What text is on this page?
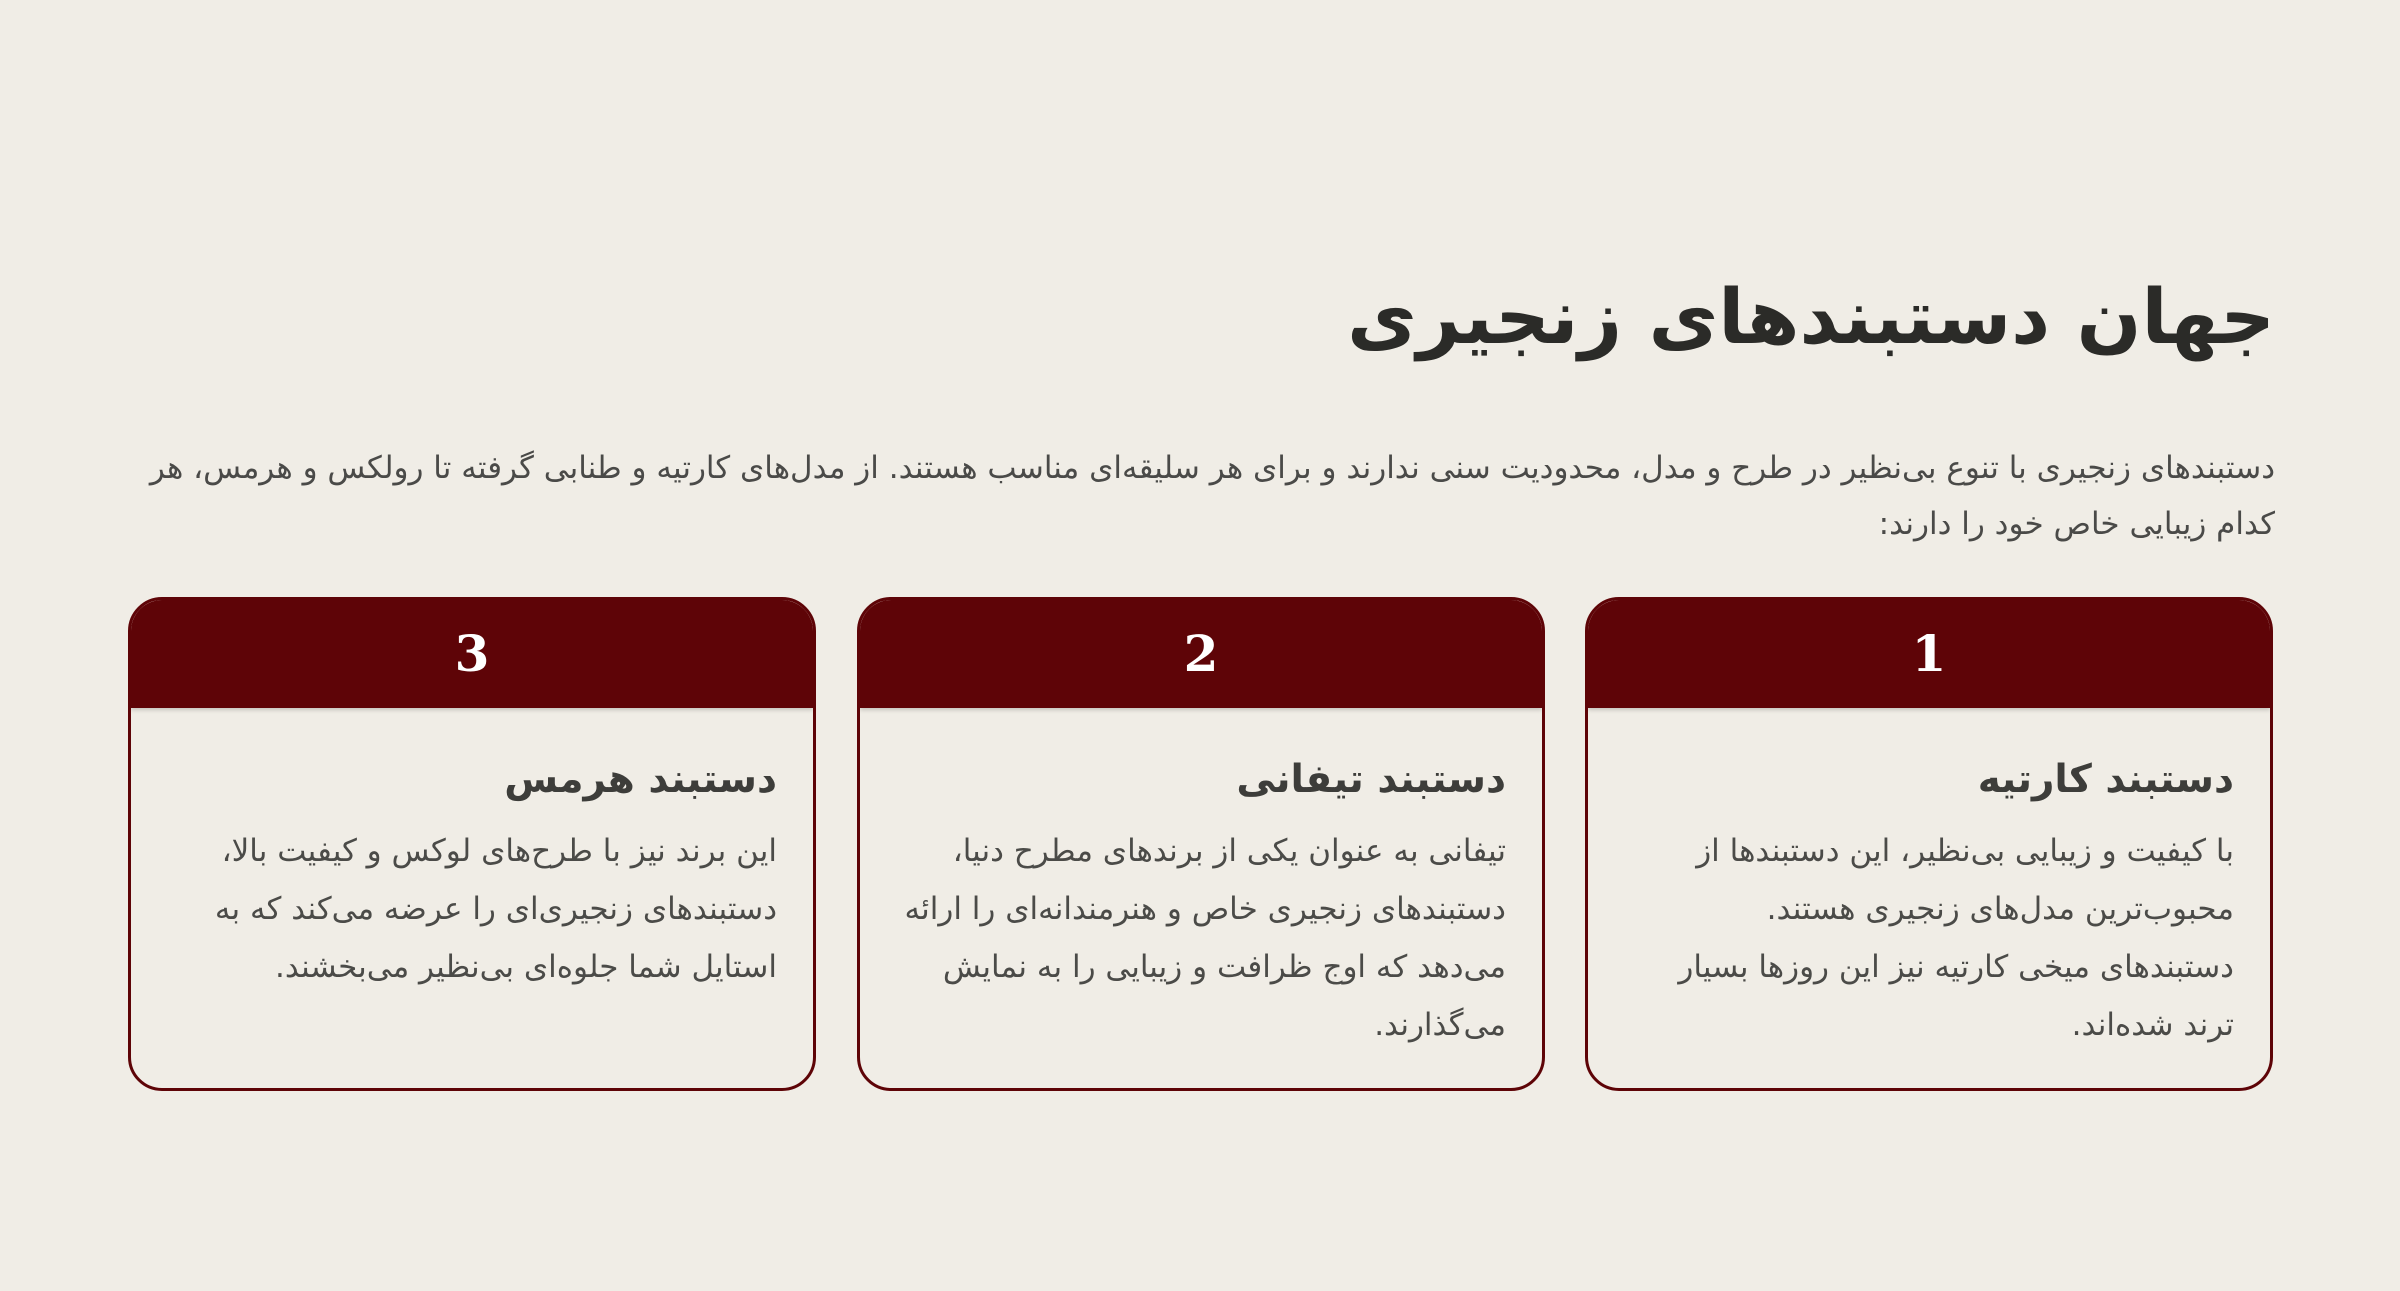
جهان دستبندهای زنجیری

دستبندهای زنجیری با تنوع بی‌نظیر در طرح و مدل، محدودیت سنی ندارند و برای هر سلیقه‌ای مناسب هستند. از مدل‌های کارتیه و طنابی گرفته تا رولکس و هرمس، هر کدام زیبایی خاص خود را دارند:

1
دستبند کارتیه

با کیفیت و زیبایی بی‌نظیر، این دستبندها از محبوب‌ترین مدل‌های زنجیری هستند. دستبندهای میخی کارتیه نیز این روزها بسیار ترند شده‌اند.

2
دستبند تیفانی

تیفانی به عنوان یکی از برندهای مطرح دنیا، دستبندهای زنجیری خاص و هنرمندانه‌ای را ارائه می‌دهد که اوج ظرافت و زیبایی را به نمایش می‌گذارند.

3
دستبند هرمس

این برند نیز با طرح‌های لوکس و کیفیت بالا، دستبندهای زنجیری‌ای را عرضه می‌کند که به استایل شما جلوه‌ای بی‌نظیر می‌بخشند.
